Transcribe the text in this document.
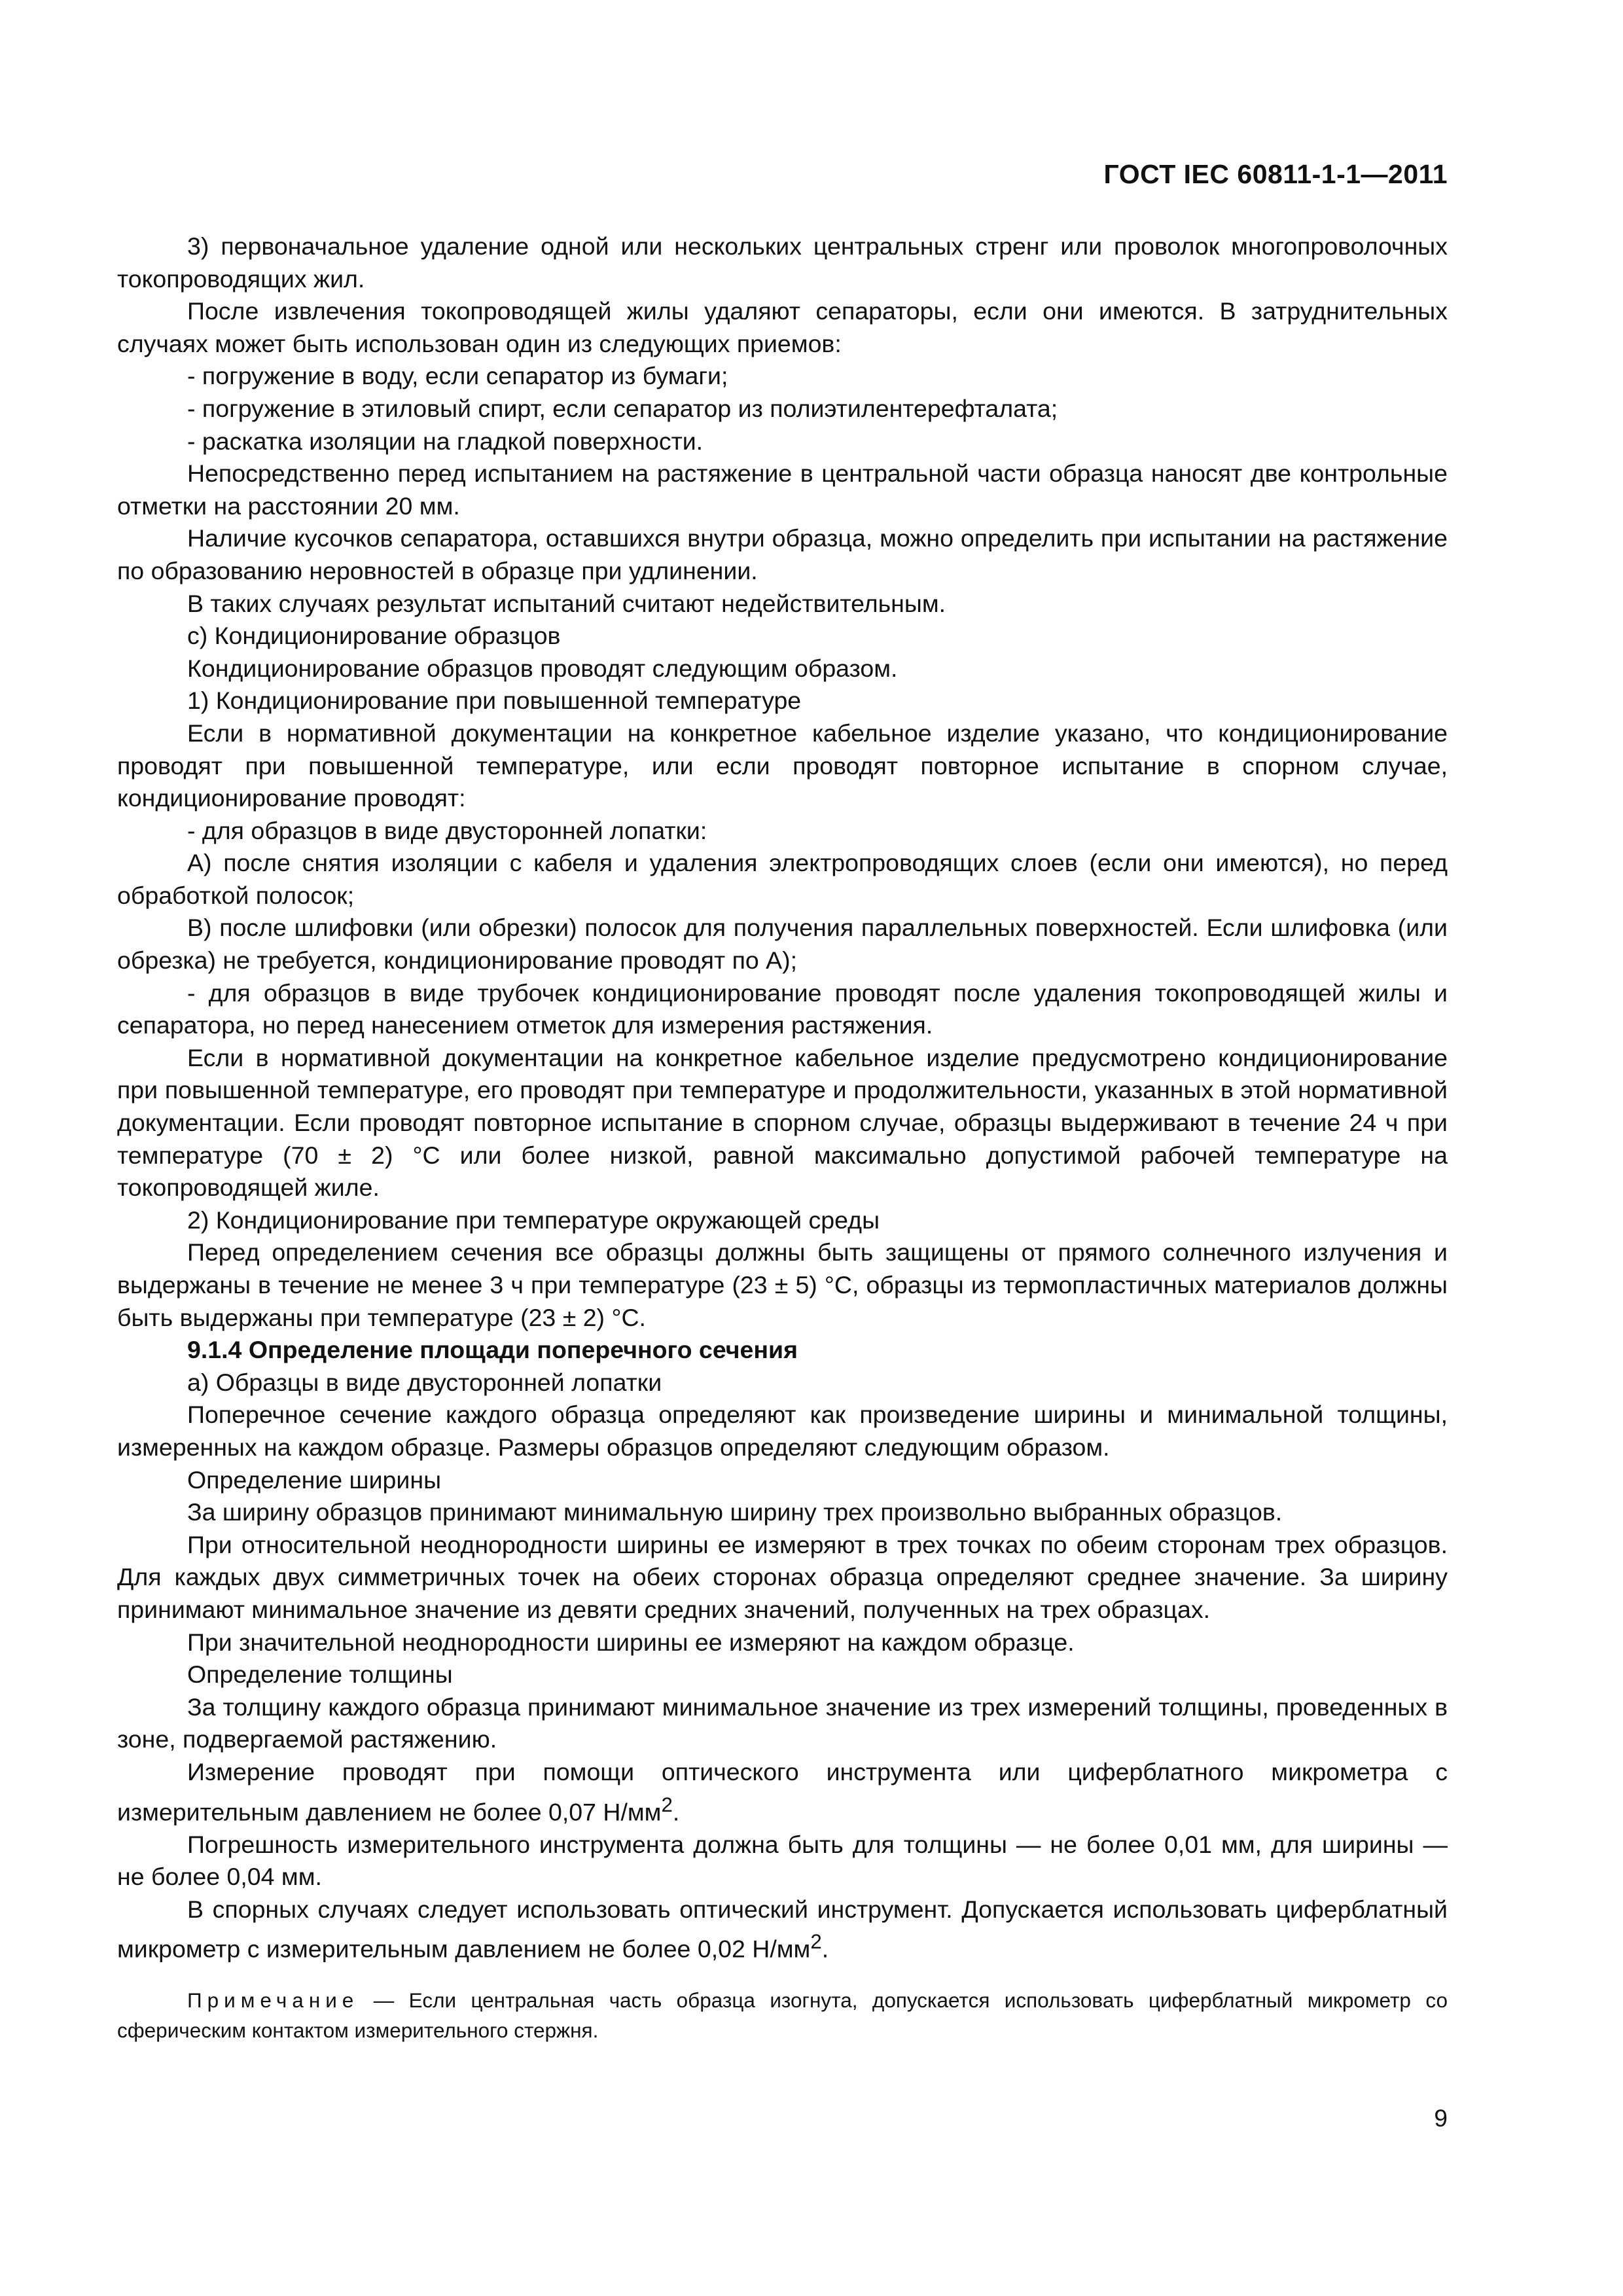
ГОСТ IEC 60811-1-1—2011

3) первоначальное удаление одной или нескольких центральных стренг или проволок многопроволочных токопроводящих жил.

После извлечения токопроводящей жилы удаляют сепараторы, если они имеются. В затруднительных случаях может быть использован один из следующих приемов:

- погружение в воду, если сепаратор из бумаги;

- погружение в этиловый спирт, если сепаратор из полиэтилентерефталата;

- раскатка изоляции на гладкой поверхности.

Непосредственно перед испытанием на растяжение в центральной части образца наносят две контрольные отметки на расстоянии 20 мм.

Наличие кусочков сепаратора, оставшихся внутри образца, можно определить при испытании на растяжение по образованию неровностей в образце при удлинении.

В таких случаях результат испытаний считают недействительным.

с) Кондиционирование образцов

Кондиционирование образцов проводят следующим образом.

1) Кондиционирование при повышенной температуре

Если в нормативной документации на конкретное кабельное изделие указано, что кондиционирование проводят при повышенной температуре, или если проводят повторное испытание в спорном случае, кондиционирование проводят:

- для образцов в виде двусторонней лопатки:

A) после снятия изоляции с кабеля и удаления электропроводящих слоев (если они имеются), но перед обработкой полосок;

B) после шлифовки (или обрезки) полосок для получения параллельных поверхностей. Если шлифовка (или обрезка) не требуется, кондиционирование проводят по A);

- для образцов в виде трубочек кондиционирование проводят после удаления токопроводящей жилы и сепаратора, но перед нанесением отметок для измерения растяжения.

Если в нормативной документации на конкретное кабельное изделие предусмотрено кондиционирование при повышенной температуре, его проводят при температуре и продолжительности, указанных в этой нормативной документации. Если проводят повторное испытание в спорном случае, образцы выдерживают в течение 24 ч при температуре (70 ± 2) °С или более низкой, равной максимально допустимой рабочей температуре на токопроводящей жиле.

2) Кондиционирование при температуре окружающей среды

Перед определением сечения все образцы должны быть защищены от прямого солнечного излучения и выдержаны в течение не менее 3 ч при температуре (23 ± 5) °С, образцы из термопластичных материалов должны быть выдержаны при температуре (23 ± 2) °С.

9.1.4 Определение площади поперечного сечения

а) Образцы в виде двусторонней лопатки

Поперечное сечение каждого образца определяют как произведение ширины и минимальной толщины, измеренных на каждом образце. Размеры образцов определяют следующим образом.

Определение ширины

За ширину образцов принимают минимальную ширину трех произвольно выбранных образцов.

При относительной неоднородности ширины ее измеряют в трех точках по обеим сторонам трех образцов. Для каждых двух симметричных точек на обеих сторонах образца определяют среднее значение. За ширину принимают минимальное значение из девяти средних значений, полученных на трех образцах.

При значительной неоднородности ширины ее измеряют на каждом образце.

Определение толщины

За толщину каждого образца принимают минимальное значение из трех измерений толщины, проведенных в зоне, подвергаемой растяжению.

Измерение проводят при помощи оптического инструмента или циферблатного микрометра с измерительным давлением не более 0,07 $Н/мм^2$.

Погрешность измерительного инструмента должна быть для толщины — не более 0,01 мм, для ширины — не более 0,04 мм.

В спорных случаях следует использовать оптический инструмент. Допускается использовать циферблатный микрометр с измерительным давлением не более 0,02 $Н/мм^2$.

Примечание — Если центральная часть образца изогнута, допускается использовать циферблатный микрометр со сферическим контактом измерительного стержня.

9
